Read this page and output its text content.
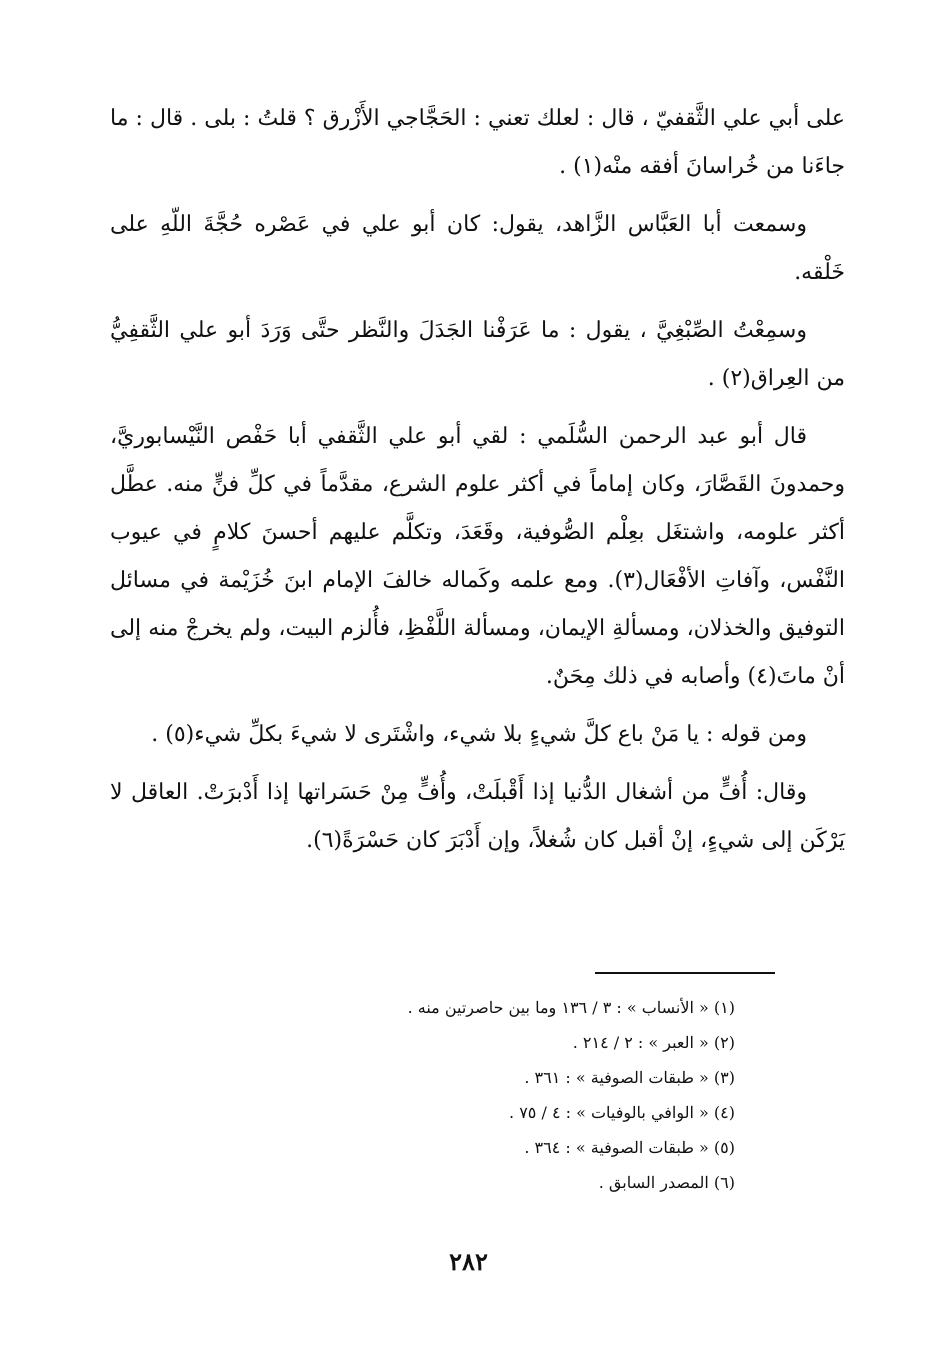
على أبي علي الثَّقفيّ ، قال : لعلك تعني : الحَجَّاجي الأَزْرق ؟ قلتُ : بلى . قال : ما جاءَنا من خُراسانَ أفقه منْه(١) .

وسمعت أبا العَبَّاس الزَّاهد، يقول: كان أبو علي في عَصْره حُجَّةَ اللّهِ على خَلْقه.

وسمِعْتُ الصِّبْغِيَّ ، يقول : ما عَرَفْنا الجَدَلَ والنَّظر حتَّى وَرَدَ أبو علي الثَّقفِيُّ من العِراق(٢) .

قال أبو عبد الرحمن السُّلَمي : لقي أبو علي الثَّقفي أبا حَفْص النَّيْسابوريَّ، وحمدونَ القَصَّارَ، وكان إماماً في أكثر علوم الشرع، مقدَّماً في كلِّ فنٍّ منه. عطَّل أكثر علومه، واشتغَل بعِلْم الصُّوفية، وقَعَدَ، وتكلَّم عليهم أحسنَ كلامٍ في عيوب النَّفْس، وآفاتِ الأفْعَال(٣). ومع علمه وكَماله خالفَ الإمام ابنَ خُزَيْمة في مسائل التوفيق والخذلان، ومسألةِ الإيمان، ومسألة اللَّفْظِ، فأُلزم البيت، ولم يخرجْ منه إلى أنْ ماتَ(٤) وأصابه في ذلك مِحَنٌ.

ومن قوله : يا مَنْ باع كلَّ شيءٍ بلا شيء، واشْتَرى لا شيءَ بكلِّ شيء(٥) .

وقال: أُفٍّ من أشغال الدُّنيا إذا أَقْبلَتْ، وأُفٍّ مِنْ حَسَراتها إذا أَدْبرَتْ. العاقل لا يَرْكَن إلى شيءٍ، إنْ أقبل كان شُغلاً، وإن أَدْبَرَ كان حَسْرَةً(٦).

(١) « الأنساب » : ٣ / ١٣٦ وما بين حاصرتين منه .
(٢) « العبر » : ٢ / ٢١٤ .
(٣) « طبقات الصوفية » : ٣٦١ .
(٤) « الوافي بالوفيات » : ٤ / ٧٥ .
(٥) « طبقات الصوفية » : ٣٦٤ .
(٦) المصدر السابق .
٢٨٢
